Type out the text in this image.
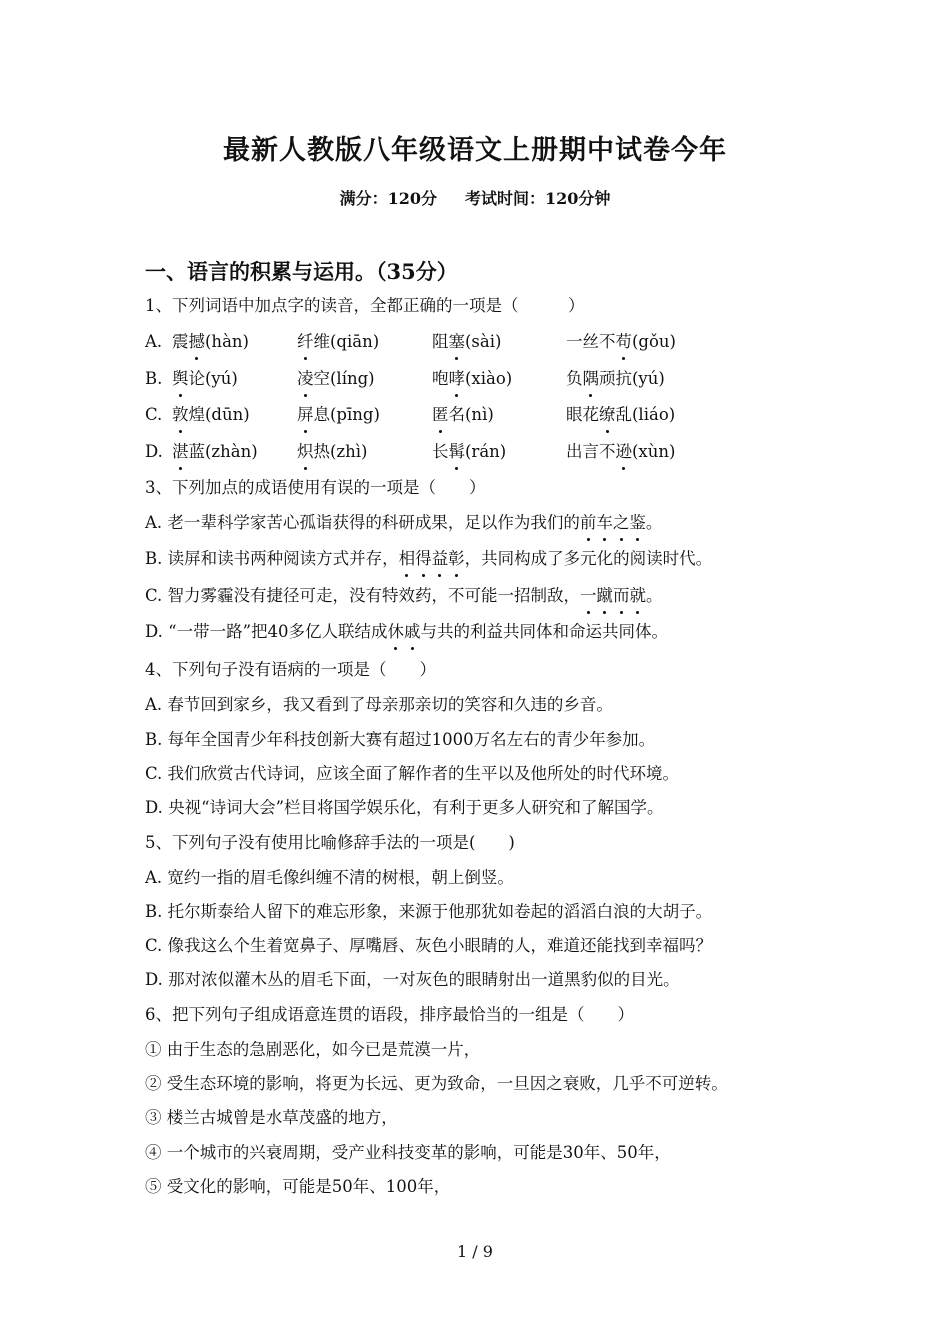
最新人教版八年级语文上册期中试卷今年
满分：120分 考试时间：120分钟
一、语言的积累与运用。（35分）
1、下列词语中加点字的读音，全都正确的一项是（　　　）
A. 震撼(hàn)	纤维(qiān)	阻塞(sài)	一丝不苟(gǒu)
B. 舆论(yú)	凌空(líng)	咆哮(xiào)	负隅顽抗(yú)
C. 敦煌(dūn)	屏息(pīng)	匿名(nì)	眼花缭乱(liáo)
D. 湛蓝(zhàn) 炽热(zhì)	长髯(rán)	出言不逊(xùn)
3、下列加点的成语使用有误的一项是（　　）
A. 老一辈科学家苦心孤诣获得的科研成果，足以作为我们的前车之鉴。
B. 读屏和读书两种阅读方式并存，相得益彰，共同构成了多元化的阅读时代。
C. 智力雾霾没有捷径可走，没有特效药，不可能一招制敌，一蹴而就。
D. “一带一路”把40多亿人联结成休戚与共的利益共同体和命运共同体。
4、下列句子没有语病的一项是（　　）
A. 春节回到家乡，我又看到了母亲那亲切的笑容和久违的乡音。
B. 每年全国青少年科技创新大赛有超过1000万名左右的青少年参加。
C. 我们欣赏古代诗词，应该全面了解作者的生平以及他所处的时代环境。
D. 央视“诗词大会”栏目将国学娱乐化，有利于更多人研究和了解国学。
5、下列句子没有使用比喻修辞手法的一项是(　　)
A. 宽约一指的眉毛像纠缠不清的树根，朝上倒竖。
B. 托尔斯泰给人留下的难忘形象，来源于他那犹如卷起的滔滔白浪的大胡子。
C. 像我这么个生着宽鼻子、厚嘴唇、灰色小眼睛的人，难道还能找到幸福吗？
D. 那对浓似灌木丛的眉毛下面，一对灰色的眼睛射出一道黑豹似的目光。
6、把下列句子组成语意连贯的语段，排序最恰当的一组是（　　）
① 由于生态的急剧恶化，如今已是荒漠一片，
② 受生态环境的影响，将更为长远、更为致命，一旦因之衰败，几乎不可逆转。
③ 楼兰古城曾是水草茂盛的地方，
④ 一个城市的兴衰周期，受产业科技变革的影响，可能是30年、50年，
⑤ 受文化的影响，可能是50年、100年，
1 / 9
